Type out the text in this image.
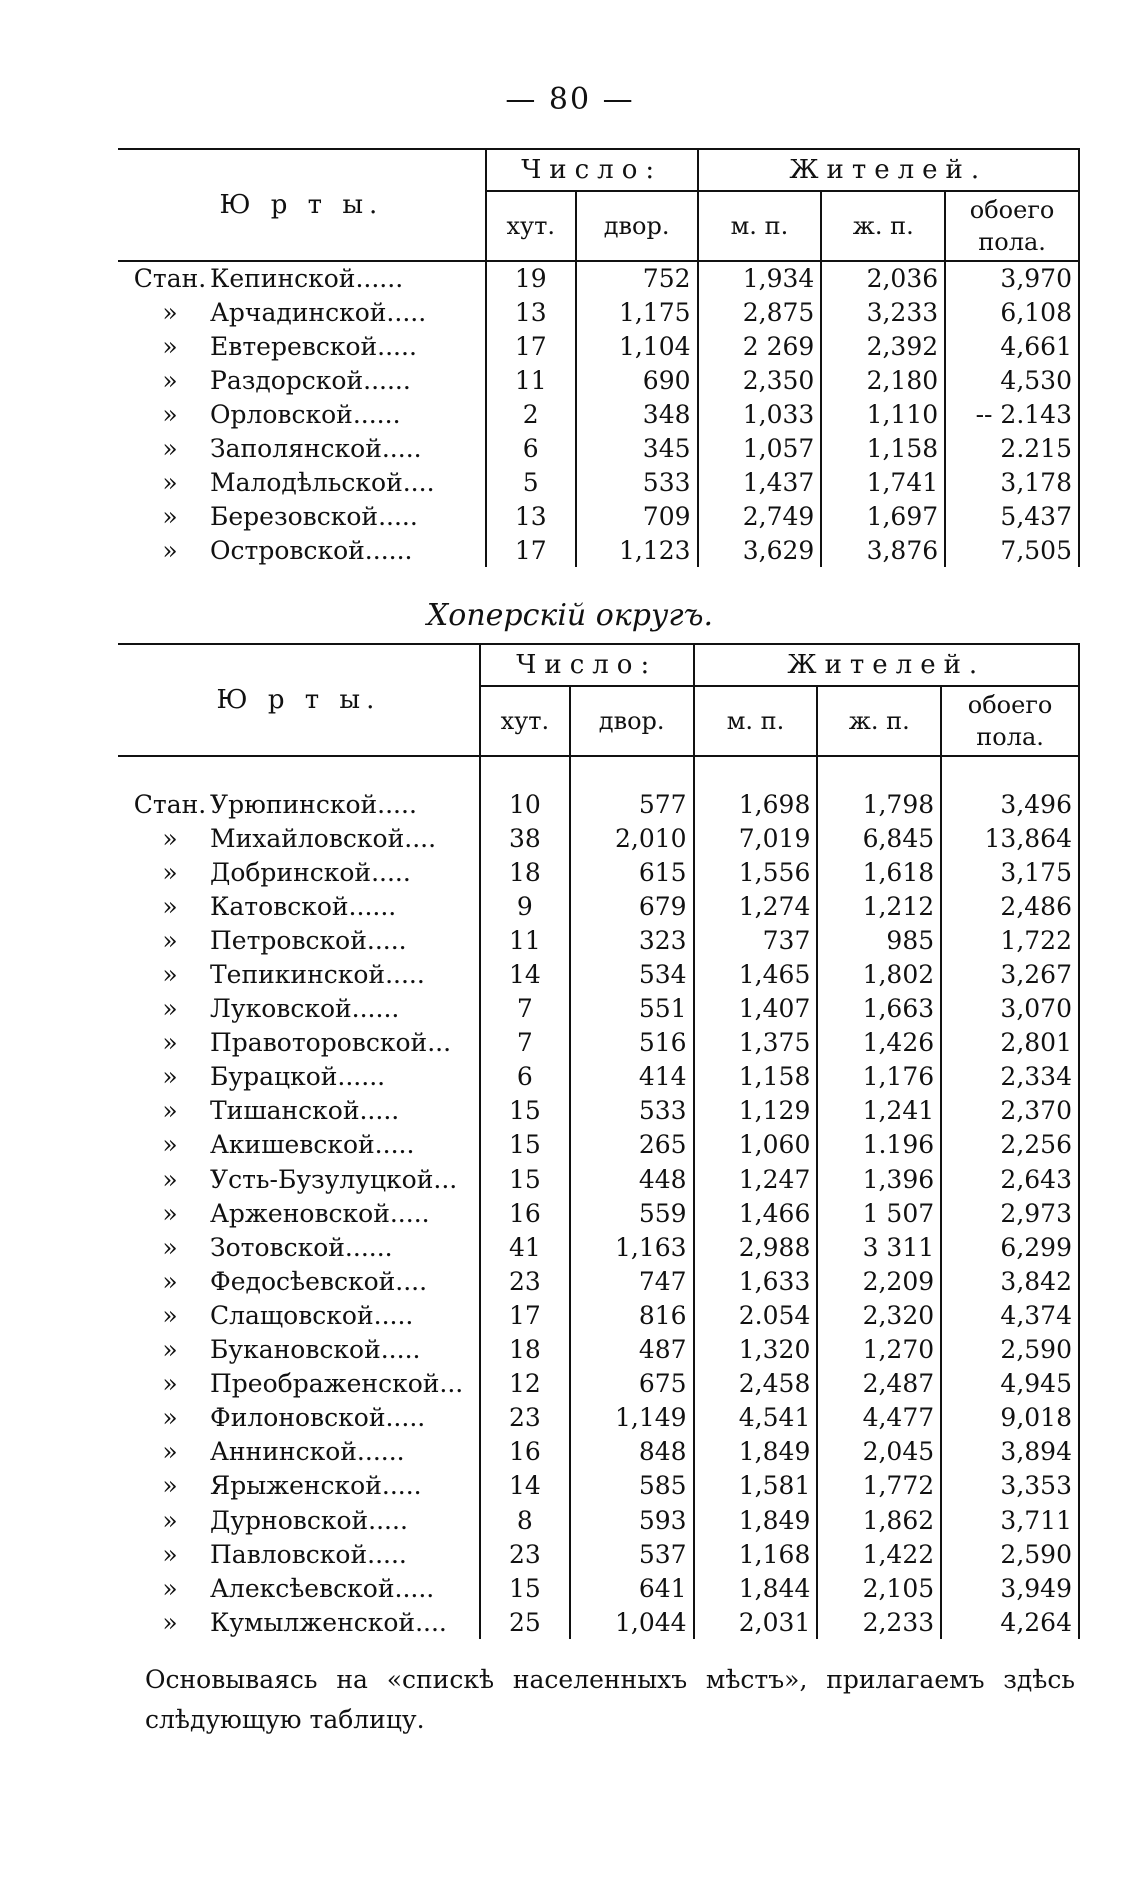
— 80 —
Ю р т ы.	Число:		Жителей.		
	хут.	двор.	м. п.	ж. п.	обоего
пола.
Стан. Кепинской......	19	752	1,934	2,036	3,970
» Арчадинской.....	13	1,175	2,875	3,233	6,108
» Евтеревской.....	17	1,104	2 269	2,392	4,661
» Раздорской......	11	690	2,350	2,180	4,530
» Орловской......	2	348	1,033	1,110	-- 2.143
» Заполянской.....	6	345	1,057	1,158	2.215
» Малодѣльской....	5	533	1,437	1,741	3,178
» Березовской.....	13	709	2,749	1,697	5,437
» Островской......	17	1,123	3,629	3,876	7,505
Хоперскій округъ.
Ю р т ы.	Число:		Жителей.		
	хут.	двор.	м. п.	ж. п.	обоего
пола.

Стан. Урюпинской.....	10	577	1,698	1,798	3,496
» Михайловской....	38	2,010	7,019	6,845	13,864
» Добринской.....	18	615	1,556	1,618	3,175
» Катовской......	9	679	1,274	1,212	2,486
» Петровской.....	11	323	737	985	1,722
» Тепикинской.....	14	534	1,465	1,802	3,267
» Луковской......	7	551	1,407	1,663	3,070
» Правоторовской...	7	516	1,375	1,426	2,801
» Бурацкой......	6	414	1,158	1,176	2,334
» Тишанской.....	15	533	1,129	1,241	2,370
» Акишевской.....	15	265	1,060	1.196	2,256
» Усть-Бузулуцкой...	15	448	1,247	1,396	2,643
» Арженовской.....	16	559	1,466	1 507	2,973
» Зотовской......	41	1,163	2,988	3 311	6,299
» Федосѣевской....	23	747	1,633	2,209	3,842
» Слащовской.....	17	816	2.054	2,320	4,374
» Букановской.....	18	487	1,320	1,270	2,590
» Преображенской...	12	675	2,458	2,487	4,945
» Филоновской.....	23	1,149	4,541	4,477	9,018
» Аннинской......	16	848	1,849	2,045	3,894
» Ярыженской.....	14	585	1,581	1,772	3,353
» Дурновской.....	8	593	1,849	1,862	3,711
» Павловской.....	23	537	1,168	1,422	2,590
» Алексѣевской.....	15	641	1,844	2,105	3,949
» Кумылженской....	25	1,044	2,031	2,233	4,264
Основываясь на «спискѣ населенныхъ мѣстъ», прилагаемъ здѣсь слѣдующую таблицу.
